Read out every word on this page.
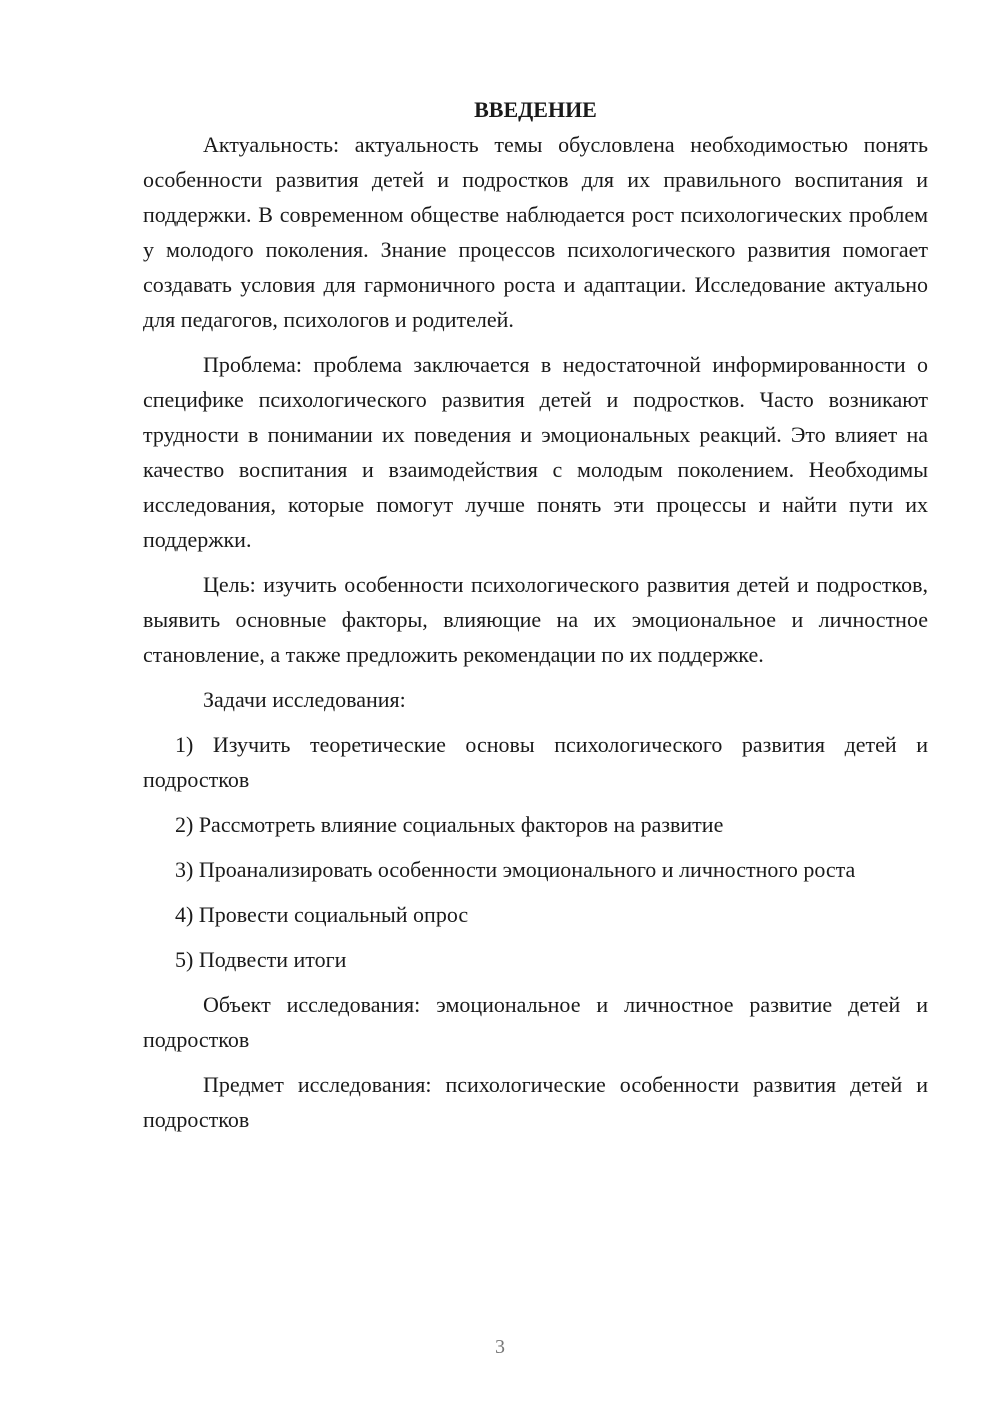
ВВЕДЕНИЕ

Актуальность: актуальность темы обусловлена необходимостью понять особенности развития детей и подростков для их правильного воспитания и поддержки. В современном обществе наблюдается рост психологических проблем у молодого поколения. Знание процессов психологического развития помогает создавать условия для гармоничного роста и адаптации. Исследование актуально для педагогов, психологов и родителей.

Проблема: проблема заключается в недостаточной информированности о специфике психологического развития детей и подростков. Часто возникают трудности в понимании их поведения и эмоциональных реакций. Это влияет на качество воспитания и взаимодействия с молодым поколением. Необходимы исследования, которые помогут лучше понять эти процессы и найти пути их поддержки.

Цель: изучить особенности психологического развития детей и подростков, выявить основные факторы, влияющие на их эмоциональное и личностное становление, а также предложить рекомендации по их поддержке.

Задачи исследования:

1) Изучить теоретические основы психологического развития детей и подростков

2) Рассмотреть влияние социальных факторов на развитие

3) Проанализировать особенности эмоционального и личностного роста

4) Провести социальный опрос

5) Подвести итоги

Объект исследования: эмоциональное и личностное развитие детей и подростков

Предмет исследования: психологические особенности развития детей и подростков

3
